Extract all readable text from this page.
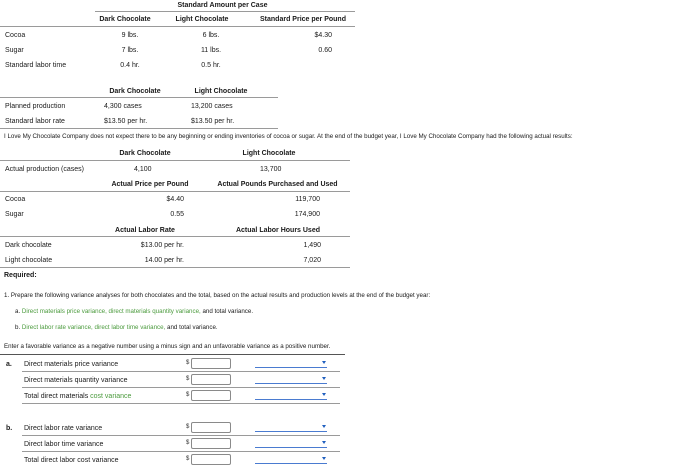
Standard Amount per Case
Dark Chocolate	Light Chocolate	Standard Price per Pound
Cocoa	9 lbs.	6 lbs.	$4.30
Sugar	7 lbs.	11 lbs.	0.60
Standard labor time	0.4 hr.	0.5 hr.
Dark Chocolate	Light Chocolate
Planned production	4,300 cases	13,200 cases
Standard labor rate	$13.50 per hr.	$13.50 per hr.
I Love My Chocolate Company does not expect there to be any beginning or ending inventories of cocoa or sugar. At the end of the budget year, I Love My Chocolate Company had the following actual results:
Dark Chocolate	Light Chocolate
Actual production (cases)	4,100	13,700
Actual Price per Pound	Actual Pounds Purchased and Used
Cocoa	$4.40	119,700
Sugar	0.55	174,900
Actual Labor Rate	Actual Labor Hours Used
Dark chocolate	$13.00 per hr.	1,490
Light chocolate	14.00 per hr.	7,020
Required:
1. Prepare the following variance analyses for both chocolates and the total, based on the actual results and production levels at the end of the budget year:
a. Direct materials price variance, direct materials quantity variance, and total variance.
b. Direct labor rate variance, direct labor time variance, and total variance.
Enter a favorable variance as a negative number using a minus sign and an unfavorable variance as a positive number.
a. Direct materials price variance	$
Direct materials quantity variance	$
Total direct materials cost variance	$
b. Direct labor rate variance	$
Direct labor time variance	$
Total direct labor cost variance	$
